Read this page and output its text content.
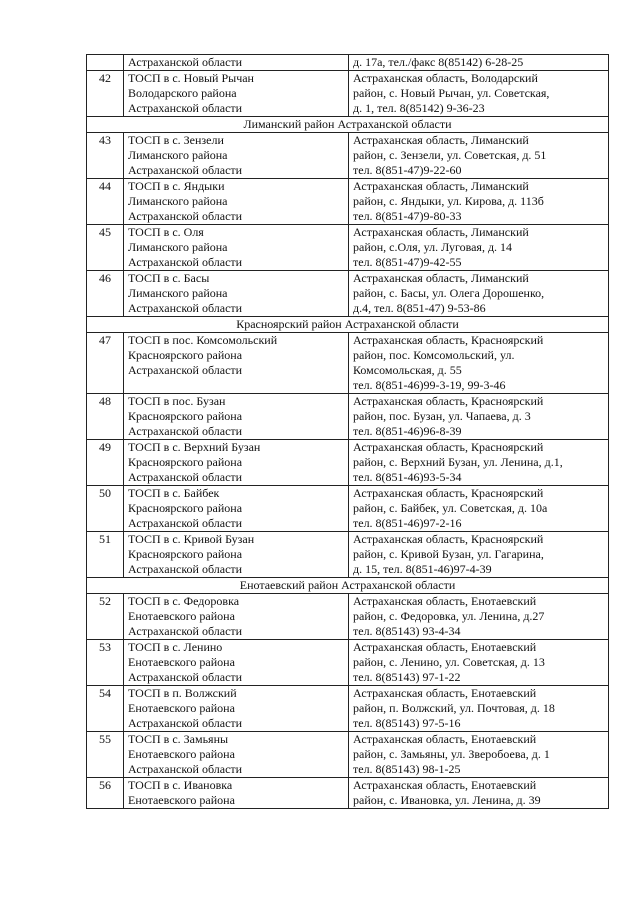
	Астраханской области	д. 17а, тел./факс 8(85142) 6-28-25

42	ТОСП в с. Новый Рычан
Володарского района
Астраханской области	Астраханская область, Володарский
район, с. Новый Рычан, ул. Советская,
д. 1, тел. 8(85142) 9-36-23

Лиманский район Астраханской области		
43	ТОСП в с. Зензели
Лиманского района
Астраханской области	Астраханская область, Лиманский
район, с. Зензели, ул. Советская, д. 51
тел. 8(851-47)9-22-60

44	ТОСП в с. Яндыки
Лиманского района
Астраханской области	Астраханская область, Лиманский
район, с. Яндыки, ул. Кирова, д. 113б
тел. 8(851-47)9-80-33

45	ТОСП в с. Оля
Лиманского района
Астраханской области	Астраханская область, Лиманский
район, с.Оля, ул. Луговая, д. 14
тел. 8(851-47)9-42-55

46	ТОСП в с. Басы
Лиманского района
Астраханской области	Астраханская область, Лиманский
район, с. Басы, ул. Олега Дорошенко,
д.4, тел. 8(851-47) 9-53-86

Красноярский район Астраханской области		
47	ТОСП в пос. Комсомольский
Красноярского района
Астраханской области	Астраханская область, Красноярский
район, пос. Комсомольский, ул.
Комсомольская, д. 55
тел. 8(851-46)99-3-19, 99-3-46

48	ТОСП в пос. Бузан
Красноярского района
Астраханской области	Астраханская область, Красноярский
район, пос. Бузан, ул. Чапаева, д. 3
тел. 8(851-46)96-8-39

49	ТОСП в с. Верхний Бузан
Красноярского района
Астраханской области	Астраханская область, Красноярский
район, с. Верхний Бузан, ул. Ленина, д.1,
тел. 8(851-46)93-5-34

50	ТОСП в с. Байбек
Красноярского района
Астраханской области	Астраханская область, Красноярский
район, с. Байбек, ул. Советская, д. 10а
тел. 8(851-46)97-2-16

51	ТОСП в с. Кривой Бузан
Красноярского района
Астраханской области	Астраханская область, Красноярский
район, с. Кривой Бузан, ул. Гагарина,
д. 15, тел. 8(851-46)97-4-39

Енотаевский район Астраханской области		
52	ТОСП в с. Федоровка
Енотаевского района
Астраханской области	Астраханская область, Енотаевский
район, с. Федоровка, ул. Ленина, д.27
тел. 8(85143) 93-4-34

53	ТОСП в с. Ленино
Енотаевского района
Астраханской области	Астраханская область, Енотаевский
район, с. Ленино, ул. Советская, д. 13
тел. 8(85143) 97-1-22

54	ТОСП в п. Волжский
Енотаевского района
Астраханской области	Астраханская область, Енотаевский
район, п. Волжский, ул. Почтовая, д. 18
тел. 8(85143) 97-5-16

55	ТОСП в с. Замьяны
Енотаевского района
Астраханской области	Астраханская область, Енотаевский
район, с. Замьяны, ул. Зверобоева, д. 1
тел. 8(85143) 98-1-25

56	ТОСП в с. Ивановка
Енотаевского района	Астраханская область, Енотаевский
район, с. Ивановка, ул. Ленина, д. 39
